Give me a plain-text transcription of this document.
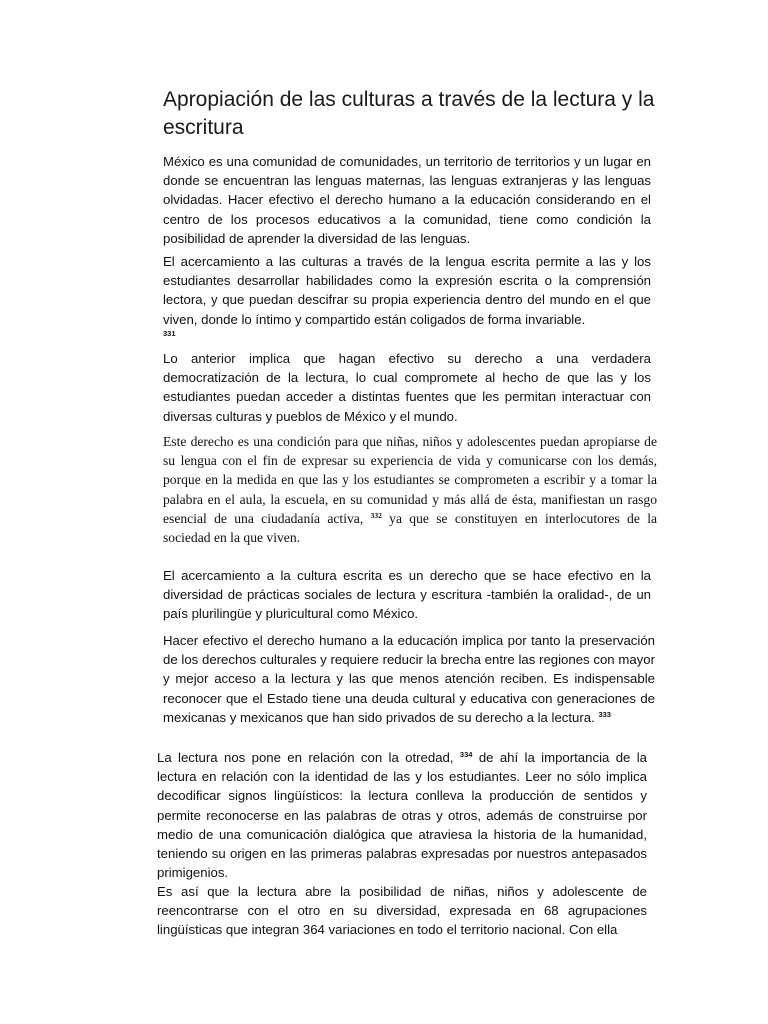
Apropiación de las culturas a través de la lectura y la escritura

México es una comunidad de comunidades, un territorio de territorios y un lugar en donde se encuentran las lenguas maternas, las lenguas extranjeras y las lenguas olvidadas. Hacer efectivo el derecho humano a la educación considerando en el centro de los procesos educativos a la comunidad, tiene como condición la posibilidad de aprender la diversidad de las lenguas.

El acercamiento a las culturas a través de la lengua escrita permite a las y los estudiantes desarrollar habilidades como la expresión escrita o la comprensión lectora, y que puedan descifrar su propia experiencia dentro del mundo en el que viven, donde lo íntimo y compartido están coligados de forma invariable.
331

Lo anterior implica que hagan efectivo su derecho a una verdadera democratización de la lectura, lo cual compromete al hecho de que las y los estudiantes puedan acceder a distintas fuentes que les permitan interactuar con diversas culturas y pueblos de México y el mundo.

Este derecho es una condición para que niñas, niños y adolescentes puedan apropiarse de su lengua con el fin de expresar su experiencia de vida y comunicarse con los demás, porque en la medida en que las y los estudiantes se comprometen a escribir y a tomar la palabra en el aula, la escuela, en su comunidad y más allá de ésta, manifiestan un rasgo esencial de una ciudadanía activa, $^{332}$ ya que se constituyen en interlocutores de la sociedad en la que viven.

El acercamiento a la cultura escrita es un derecho que se hace efectivo en la diversidad de prácticas sociales de lectura y escritura -también la oralidad-, de un país plurilingüe y pluricultural como México.

Hacer efectivo el derecho humano a la educación implica por tanto la preservación de los derechos culturales y requiere reducir la brecha entre las regiones con mayor y mejor acceso a la lectura y las que menos atención reciben. Es indispensable reconocer que el Estado tiene una deuda cultural y educativa con generaciones de mexicanas y mexicanos que han sido privados de su derecho a la lectura. $^{333}$

La lectura nos pone en relación con la otredad, $^{334}$ de ahí la importancia de la lectura en relación con la identidad de las y los estudiantes. Leer no sólo implica decodificar signos lingüísticos: la lectura conlleva la producción de sentidos y permite reconocerse en las palabras de otras y otros, además de construirse por medio de una comunicación dialógica que atraviesa la historia de la humanidad, teniendo su origen en las primeras palabras expresadas por nuestros antepasados primigenios.

Es así que la lectura abre la posibilidad de niñas, niños y adolescente de reencontrarse con el otro en su diversidad, expresada en 68 agrupaciones lingüísticas que integran 364 variaciones en todo el territorio nacional. Con ella
